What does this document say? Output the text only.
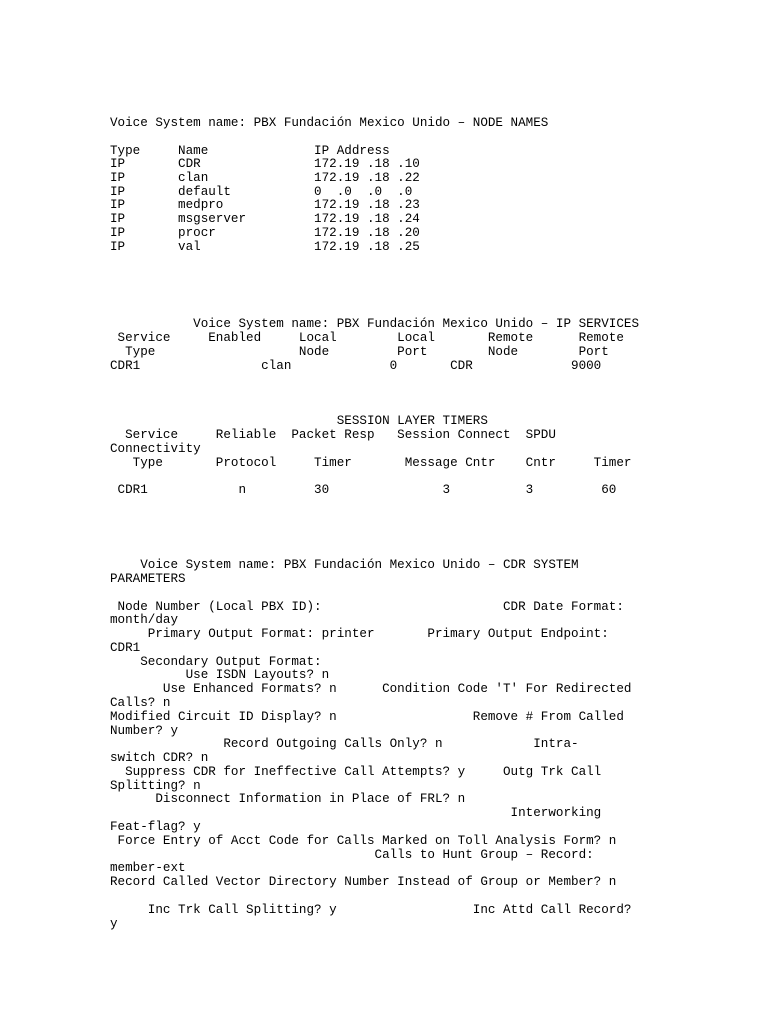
Voice System name: PBX Fundación Mexico Unido – NODE NAMES
Type     Name              IP Address
IP       CDR               172.19 .18 .10
IP       clan              172.19 .18 .22
IP       default           0  .0  .0  .0
IP       medpro            172.19 .18 .23
IP       msgserver         172.19 .18 .24
IP       procr             172.19 .18 .20
IP       val               172.19 .18 .25
Voice System name: PBX Fundación Mexico Unido – IP SERVICES
Service     Enabled     Local        Local       Remote      Remote
Type                   Node         Port        Node        Port
CDR1                clan             0       CDR             9000
SESSION LAYER TIMERS
Service     Reliable  Packet Resp   Session Connect  SPDU
Connectivity
Type       Protocol     Timer       Message Cntr    Cntr     Timer
CDR1            n         30               3          3         60
Voice System name: PBX Fundación Mexico Unido – CDR SYSTEM
PARAMETERS
Node Number (Local PBX ID):                        CDR Date Format:
month/day
Primary Output Format: printer       Primary Output Endpoint:
CDR1
Secondary Output Format:
Use ISDN Layouts? n
Use Enhanced Formats? n      Condition Code 'T' For Redirected
Calls? n
Modified Circuit ID Display? n                  Remove # From Called
Number? y
Record Outgoing Calls Only? n            Intra-
switch CDR? n
Suppress CDR for Ineffective Call Attempts? y     Outg Trk Call
Splitting? n
Disconnect Information in Place of FRL? n
Interworking
Feat-flag? y
Force Entry of Acct Code for Calls Marked on Toll Analysis Form? n
Calls to Hunt Group – Record:
member-ext
Record Called Vector Directory Number Instead of Group or Member? n
Inc Trk Call Splitting? y                  Inc Attd Call Record?
y
